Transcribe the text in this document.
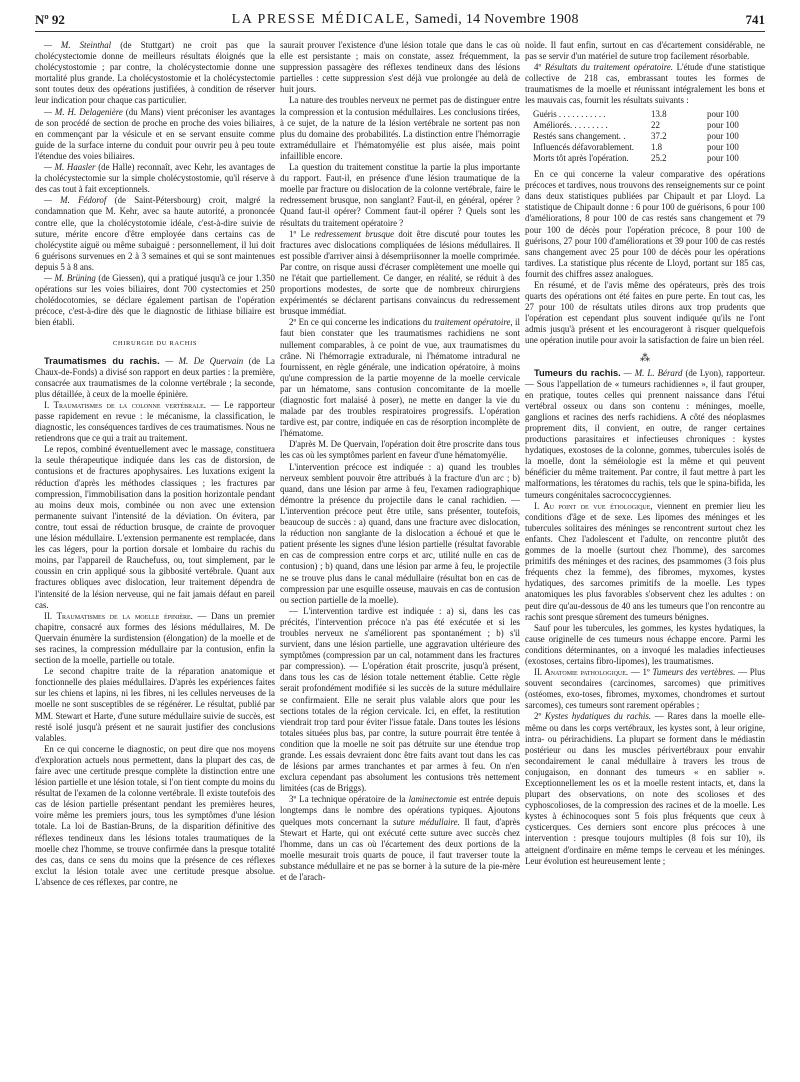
Nº 92	LA PRESSE MÉDICALE, Samedi, 14 Novembre 1908	741

— M. Steinthal (de Stuttgart) ne croit pas que la cholécystectomie donne de meilleurs résultats éloignés que la cholécystostomie ; par contre, la cholécystectomie donne une mortalité plus grande. La cholécystostomie et la cholécystectomie sont toutes deux des opérations justifiées, à condition de réserver leur indication pour chaque cas particulier.

— M. H. Delagenière (du Mans) vient préconiser les avantages de son procédé de section de proche en proche des voies biliaires, en commençant par la vésicule et en se servant ensuite comme guide de la surface interne du conduit pour ouvrir peu à peu toute l'étendue des voies biliaires.

— M. Haasler (de Halle) reconnaît, avec Kehr, les avantages de la cholécystectomie sur la simple cholécystostomie, qu'il réserve à des cas tout à fait exceptionnels.

— M. Fédorof (de Saint-Pétersbourg) croit, malgré la condamnation que M. Kehr, avec sa haute autorité, a prononcée contre elle, que la cholécystotomie idéale, c'est-à-dire suivie de suture, mérite encore d'être employée dans certains cas de cholécystite aiguë ou même subaiguë : personnellement, il lui doit 6 guérisons survenues en 2 à 3 semaines et qui se sont maintenues depuis 5 à 8 ans.

— M. Brüning (de Giessen), qui a pratiqué jusqu'à ce jour 1.350 opérations sur les voies biliaires, dont 700 cystectomies et 250 cholédocotomies, se déclare également partisan de l'opération précoce, c'est-à-dire dès que le diagnostic de lithiase biliaire est bien établi.

CHIRURGIE DU RACHIS

Traumatismes du rachis. — M. De Quervain (de La Chaux-de-Fonds) a divisé son rapport en deux parties : la première, consacrée aux traumatismes de la colonne vertébrale ; la seconde, plus détaillée, à ceux de la moelle épinière.

I. Traumatismes de la colonne vertébrale. — Le rapporteur passe rapidement en revue : le mécanisme, la classification, le diagnostic, les conséquences tardives de ces traumatismes. Nous ne retiendrons que ce qui a trait au traitement.

Le repos, combiné éventuellement avec le massage, constituera la seule thérapeutique indiquée dans les cas de distorsion, de contusions et de fractures apophysaires. Les luxations exigent la réduction d'après les méthodes classiques ; les fractures par compression, l'immobilisation dans la position horizontale pendant au moins deux mois, combinée ou non avec une extension permanente suivant l'intensité de la déviation. On évitera, par contre, tout essai de réduction brusque, de crainte de provoquer une lésion médullaire. L'extension permanente est remplacée, dans les cas légers, pour la portion dorsale et lombaire du rachis du moins, par l'appareil de Rauchefuss, ou, tout simplement, par le coussin en crin appliqué sous la gibbosité vertébrale. Quant aux fractures obliques avec dislocation, leur traitement dépendra de l'intensité de la lésion nerveuse, qui ne fait jamais défaut en pareil cas.

II. Traumatismes de la moelle épinière. — Dans un premier chapitre, consacré aux formes des lésions médullaires, M. De Quervain énumère la surdistension (élongation) de la moelle et de ses racines, la compression médullaire par la contusion, enfin la section de la moelle, partielle ou totale.

Le second chapitre traite de la réparation anatomique et fonctionnelle des plaies médullaires. D'après les expériences faites sur les chiens et lapins, ni les fibres, ni les cellules nerveuses de la moelle ne sont susceptibles de se régénérer. Le résultat, publié par MM. Stewart et Harte, d'une suture médullaire suivie de succès, est resté isolé jusqu'à présent et ne saurait justifier des conclusions valables.

En ce qui concerne le diagnostic, on peut dire que nos moyens d'exploration actuels nous permettent, dans la plupart des cas, de faire avec une certitude presque complète la distinction entre une lésion partielle et une lésion totale, si l'on tient compte du moins du résultat de l'examen de la colonne vertébrale. Il existe toutefois des cas de lésion partielle présentant pendant les premières heures, voire même les premiers jours, tous les symptômes d'une lésion totale. La loi de Bastian-Bruns, de la disparition définitive des réflexes tendineux dans les lésions totales traumatiques de la moelle chez l'homme, se trouve confirmée dans la presque totalité des cas, dans ce sens du moins que la présence de ces réflexes exclut la lésion totale avec une certitude presque absolue. L'absence de ces réflexes, par contre, ne

saurait prouver l'existence d'une lésion totale que dans le cas où elle est persistante ; mais on constate, assez fréquemment, la suppression passagère des réflexes tendineux dans des lésions partielles : cette suppression s'est déjà vue prolongée au delà de huit jours.

La nature des troubles nerveux ne permet pas de distinguer entre la compression et la contusion médullaires. Les conclusions tirées, à ce sujet, de la nature de la lésion vertébrale ne sortent pas non plus du domaine des probabilités. La distinction entre l'hémorragie extramédullaire et l'hématomyélie est plus aisée, mais point infaillible encore.

La question du traitement constitue la partie la plus importante du rapport. Faut-il, en présence d'une lésion traumatique de la moelle par fracture ou dislocation de la colonne vertébrale, faire le redressement brusque, non sanglant? Faut-il, en général, opérer ? Quand faut-il opérer? Comment faut-il opérer ? Quels sont les résultats du traitement opératoire ?

1º Le redressement brusque doit être discuté pour toutes les fractures avec dislocations compliquées de lésions médullaires. Il est possible d'arriver ainsi à désempriisonner la moelle comprimée. Par contre, on risque aussi d'écraser complètement une moelle qui ne l'était que partiellement. Ce danger, en réalité, se réduit à des proportions modestes, de sorte que de nombreux chirurgiens expérimentés se déclarent partisans convaincus du redressement brusque immédiat.

2º En ce qui concerne les indications du traitement opératoire, il faut bien constater que les traumatismes rachidiens ne sont nullement comparables, à ce point de vue, aux traumatismes du crâne. Ni l'hémorragie extradurale, ni l'hématome intradural ne fournissent, en règle générale, une indication opératoire, à moins qu'une compression de la partie moyenne de la moelle cervicale par un hématome, sans contusion concomitante de la moelle (diagnostic fort malaisé à poser), ne mette en danger la vie du malade par des troubles respiratoires progressifs. L'opération tardive est, par contre, indiquée en cas de résorption incomplète de l'hématome.

D'après M. De Quervain, l'opération doit être proscrite dans tous les cas où les symptômes parlent en faveur d'une hématomyélie.

L'intervention précoce est indiquée : a) quand les troubles nerveux semblent pouvoir être attribués à la fracture d'un arc ; b) quand, dans une lésion par arme à feu, l'examen radiographique démontre la présence du projectile dans le canal rachidien. — L'intervention précoce peut être utile, sans présenter, toutefois, beaucoup de succès : a) quand, dans une fracture avec dislocation, la réduction non sanglante de la dislocation a échoué et que le patient présente les signes d'une lésion partielle (résultat favorable en cas de compression entre corps et arc, utilité nulle en cas de contusion) ; b) quand, dans une lésion par arme à feu, le projectile ne se trouve plus dans le canal médullaire (résultat bon en cas de compression par une esquille osseuse, mauvais en cas de contusion ou section partielle de la moelle).

— L'intervention tardive est indiquée : a) si, dans les cas précités, l'intervention précoce n'a pas été exécutée et si les troubles nerveux ne s'améliorent pas spontanément ; b) s'il survient, dans une lésion partielle, une aggravation ultérieure des symptômes (compression par un cal, notamment dans les fractures par compression). — L'opération était proscrite, jusqu'à présent, dans tous les cas de lésion totale nettement établie. Cette règle serait profondément modifiée si les succès de la suture médullaire se confirmaient. Elle ne serait plus valable alors que pour les sections totales de la région cervicale. Ici, en effet, la restitution viendrait trop tard pour éviter l'issue fatale. Dans toutes les lésions totales situées plus bas, par contre, la suture pourrait être tentée à condition que la moelle ne soit pas détruite sur une étendue trop grande. Les essais devraient donc être faits avant tout dans les cas de lésions par armes tranchantes et par armes à feu. On n'en exclura cependant pas absolument les contusions très nettement limitées (cas de Briggs).

3º La technique opératoire de la laminectomie est entrée depuis longtemps dans le nombre des opérations typiques. Ajoutons quelques mots concernant la suture médullaire. Il faut, d'après Stewart et Harte, qui ont exécuté cette suture avec succès chez l'homme, dans un cas où l'écartement des deux portions de la moelle mesurait trois quarts de pouce, il faut traverser toute la substance médullaire et ne pas se borner à la suture de la pie-mère et de l'arach-

noïde. Il faut enfin, surtout en cas d'écartement considérable, ne pas se servir d'un matériel de suture trop facilement résorbable.

4º Résultats du traitement opératoire. L'étude d'une statistique collective de 218 cas, embrassant toutes les formes de traumatismes de la moelle et réunissant intégralement les bons et les mauvais cas, fournit les résultats suivants :

Guéris . . . . . . . . . . .	13.8	pour 100
Améliorés. . . . . . . . .	22	pour 100
Restés sans changement. .	37.2	pour 100
Influencés défavorablement.	1.8	pour 100
Morts tôt après l'opération.	25.2	pour 100

En ce qui concerne la valeur comparative des opérations précoces et tardives, nous trouvons des renseignements sur ce point dans deux statistiques publiées par Chipault et par Lloyd. La statistique de Chipault donne : 6 pour 100 de guérisons, 6 pour 100 d'améliorations, 8 pour 100 de cas restés sans changement et 79 pour 100 de décès pour l'opération précoce, 8 pour 100 de guérisons, 27 pour 100 d'améliorations et 39 pour 100 de cas restés sans changement avec 25 pour 100 de décès pour les opérations tardives. La statistique plus récente de Lloyd, portant sur 185 cas, fournit des chiffres assez analogues.

En résumé, et de l'avis même des opérateurs, près des trois quarts des opérations ont été faites en pure perte. En tout cas, les 27 pour 100 de résultats utiles dirons aux trop prudents que l'opération est cependant plus souvent indiquée qu'ils ne l'ont admis jusqu'à présent et les encourageront à risquer quelquefois une opération inutile pour avoir la satisfaction de faire un bien réel.

⁂

Tumeurs du rachis. — M. L. Bérard (de Lyon), rapporteur. — Sous l'appellation de « tumeurs rachidiennes », il faut grouper, en pratique, toutes celles qui prennent naissance dans l'étui vertébral osseux ou dans son contenu : méninges, moelle, ganglions et racines des nerfs rachidiens. A côté des néoplasmes proprement dits, il convient, en outre, de ranger certaines productions parasitaires et infectieuses chroniques : kystes hydatiques, exostoses de la colonne, gommes, tubercules isolés de la moelle, dont la séméiologie est la même et qui peuvent bénéficier du même traitement. Par contre, il faut mettre à part les malformations, les tératomes du rachis, tels que le spina-bifida, les tumeurs congénitales sacrococcygiennes.

I. Au point de vue étiologique, viennent en premier lieu les conditions d'âge et de sexe. Les lipomes des méninges et les tubercules solitaires des méninges se rencontrent surtout chez les enfants. Chez l'adolescent et l'adulte, on rencontre plutôt des gommes de la moelle (surtout chez l'homme), des sarcomes primitifs des méninges et des racines, des psammomes (3 fois plus fréquents chez la femme), des fibromes, myxomes, kystes hydatiques, des sarcomes primitifs de la moelle. Les types anatomiques les plus favorables s'observent chez les adultes : on peut dire qu'au-dessous de 40 ans les tumeurs que l'on rencontre au rachis sont presque sûrement des tumeurs bénignes.

Sauf pour les tubercules, les gommes, les kystes hydatiques, la cause originelle de ces tumeurs nous échappe encore. Parmi les conditions déterminantes, on a invoqué les maladies infectieuses (exostoses, certains fibro-lipomes), les traumatismes.

II. Anatomie pathologique. — 1º Tumeurs des vertèbres. — Plus souvent secondaires (carcinomes, sarcomes) que primitives (ostéomes, exo-toses, fibromes, myxomes, chondromes et surtout sarcomes), ces tumeurs sont rarement opérables ;

2º Kystes hydatiques du rachis. — Rares dans la moelle elle-même ou dans les corps vertébraux, les kystes sont, à leur origine, intra- ou périrachidiens. La plupart se forment dans le médiastin postérieur ou dans les muscles périvertébraux pour envahir secondairement le canal médullaire à travers les trous de conjugaison, en donnant des tumeurs « en sablier ». Exceptionnellement les os et la moelle restent intacts, et, dans la plupart des observations, on note des scolioses et des cyphoscolioses, de la compression des racines et de la moelle. Les kystes à échinocoques sont 5 fois plus fréquents que ceux à cysticerques. Ces derniers sont encore plus précoces à une intervention : presque toujours multiples (8 fois sur 10), ils atteignent d'ordinaire en même temps le cerveau et les méninges. Leur évolution est heureusement lente ;
